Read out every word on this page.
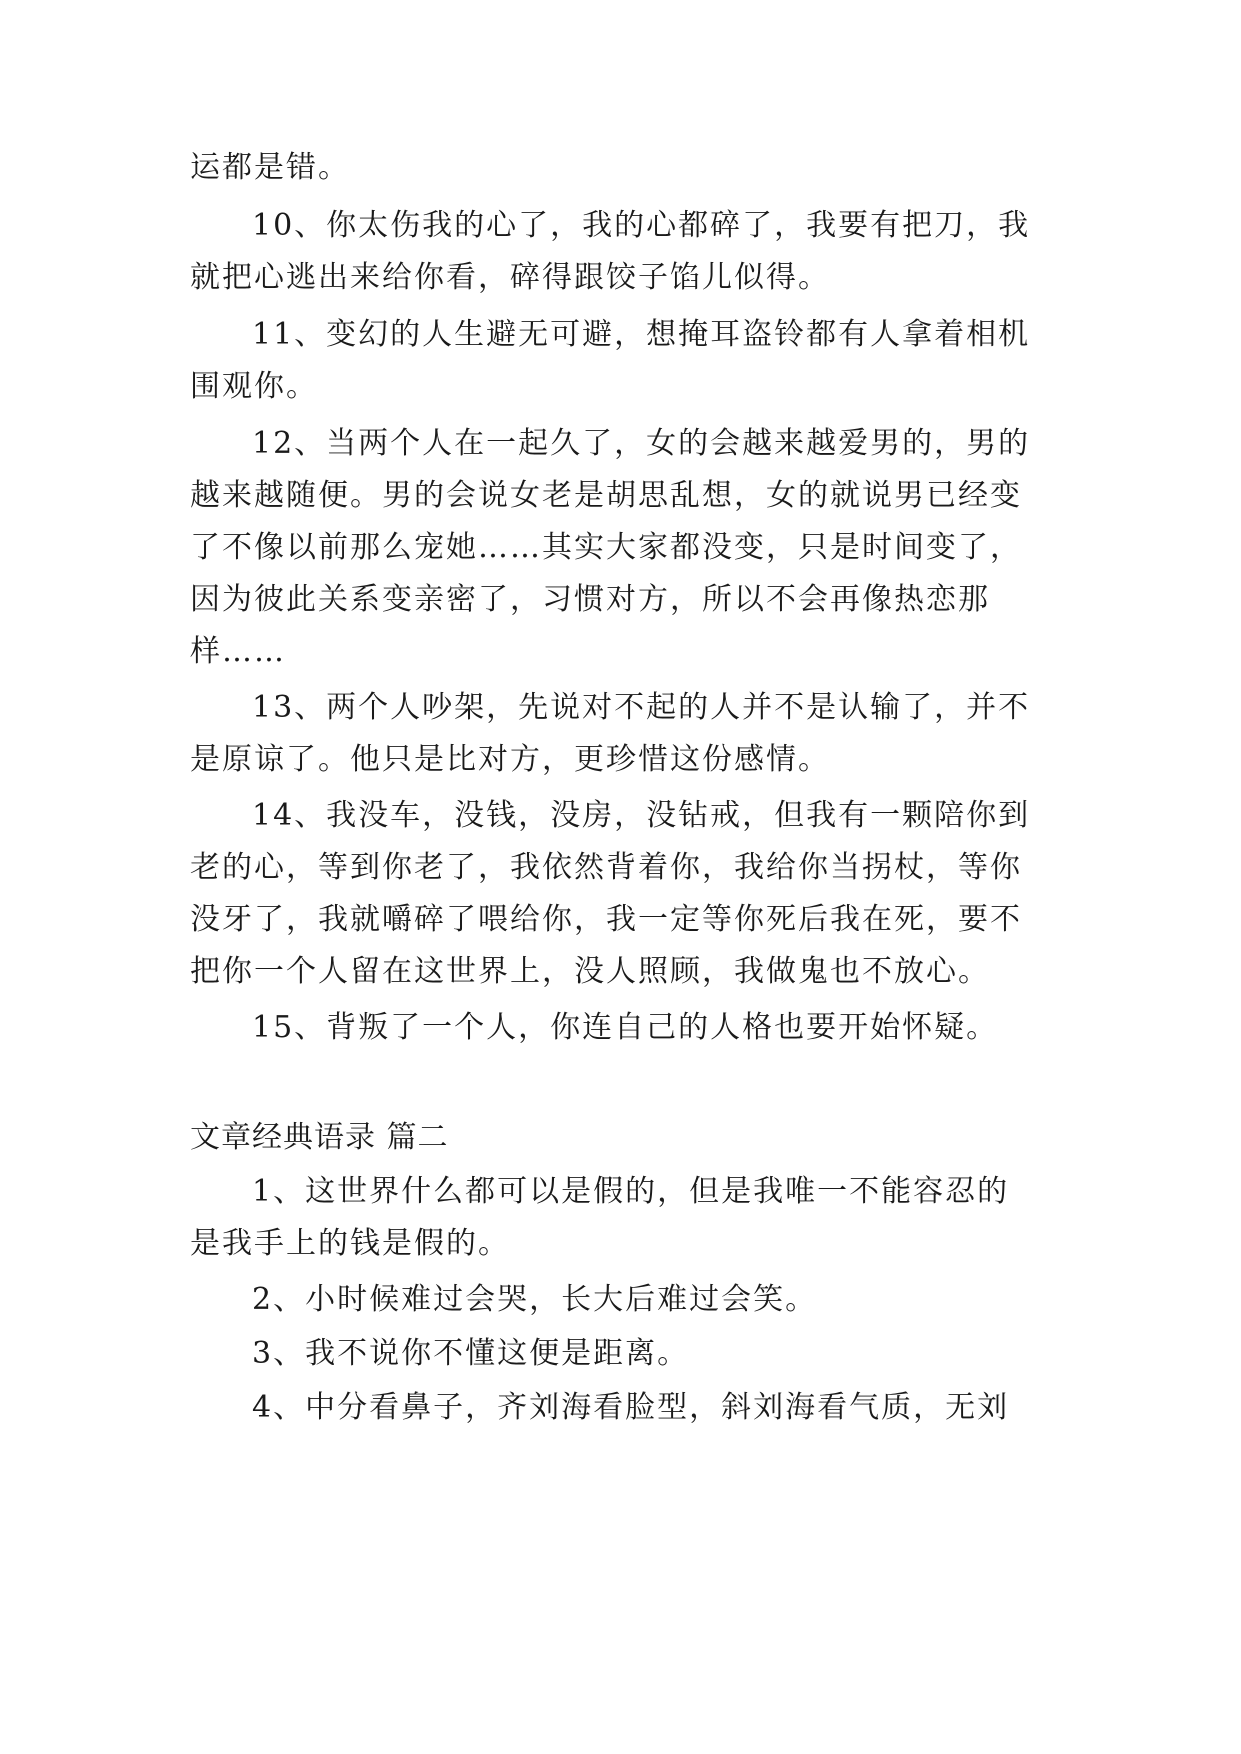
运都是错。
10、你太伤我的心了，我的心都碎了，我要有把刀，我
就把心逃出来给你看，碎得跟饺子馅儿似得。
11、变幻的人生避无可避，想掩耳盗铃都有人拿着相机
围观你。
12、当两个人在一起久了，女的会越来越爱男的，男的
越来越随便。男的会说女老是胡思乱想，女的就说男已经变
了不像以前那么宠她……其实大家都没变，只是时间变了，
因为彼此关系变亲密了，习惯对方，所以不会再像热恋那
样……
13、两个人吵架，先说对不起的人并不是认输了，并不
是原谅了。他只是比对方，更珍惜这份感情。
14、我没车，没钱，没房，没钻戒，但我有一颗陪你到
老的心，等到你老了，我依然背着你，我给你当拐杖，等你
没牙了，我就嚼碎了喂给你，我一定等你死后我在死，要不
把你一个人留在这世界上，没人照顾，我做鬼也不放心。
15、背叛了一个人，你连自己的人格也要开始怀疑。
文章经典语录 篇二
1、这世界什么都可以是假的，但是我唯一不能容忍的
是我手上的钱是假的。
2、小时候难过会哭，长大后难过会笑。
3、我不说你不懂这便是距离。
4、中分看鼻子，齐刘海看脸型，斜刘海看气质，无刘
